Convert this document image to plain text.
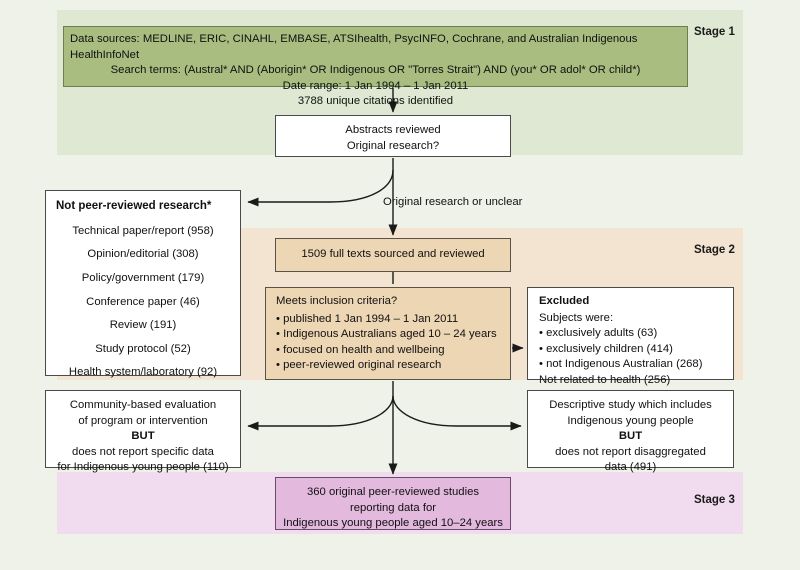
Stage 1
Stage 2
Stage 3
Data sources: MEDLINE, ERIC, CINAHL, EMBASE, ATSIhealth, PsycINFO, Cochrane, and Australian Indigenous HealthInfoNet
Search terms: (Austral* AND (Aborigin* OR Indigenous OR "Torres Strait") AND (you* OR adol* OR child*)
Date range: 1 Jan 1994 – 1 Jan 2011
3788 unique citations identified
Abstracts reviewed
Original research?
Original research or unclear
Not peer-reviewed research*
Technical paper/report (958)
Opinion/editorial (308)
Policy/government (179)
Conference paper (46)
Review (191)
Study protocol (52)
Health system/laboratory (92)
1509 full texts sourced and reviewed
Meets inclusion criteria?
• published 1 Jan 1994 – 1 Jan 2011
• Indigenous Australians aged 10 – 24 years
• focused on health and wellbeing
• peer-reviewed original research
Excluded
Subjects were:
• exclusively adults (63)
• exclusively children (414)
• not Indigenous Australian (268)
Not related to health (256)
Community-based evaluation
of program or intervention
BUT
does not report specific data
for Indigenous young people (110)
Descriptive study which includes
Indigenous young people
BUT
does not report disaggregated
data (491)
360 original peer-reviewed studies
reporting data for
Indigenous young people aged 10–24 years
